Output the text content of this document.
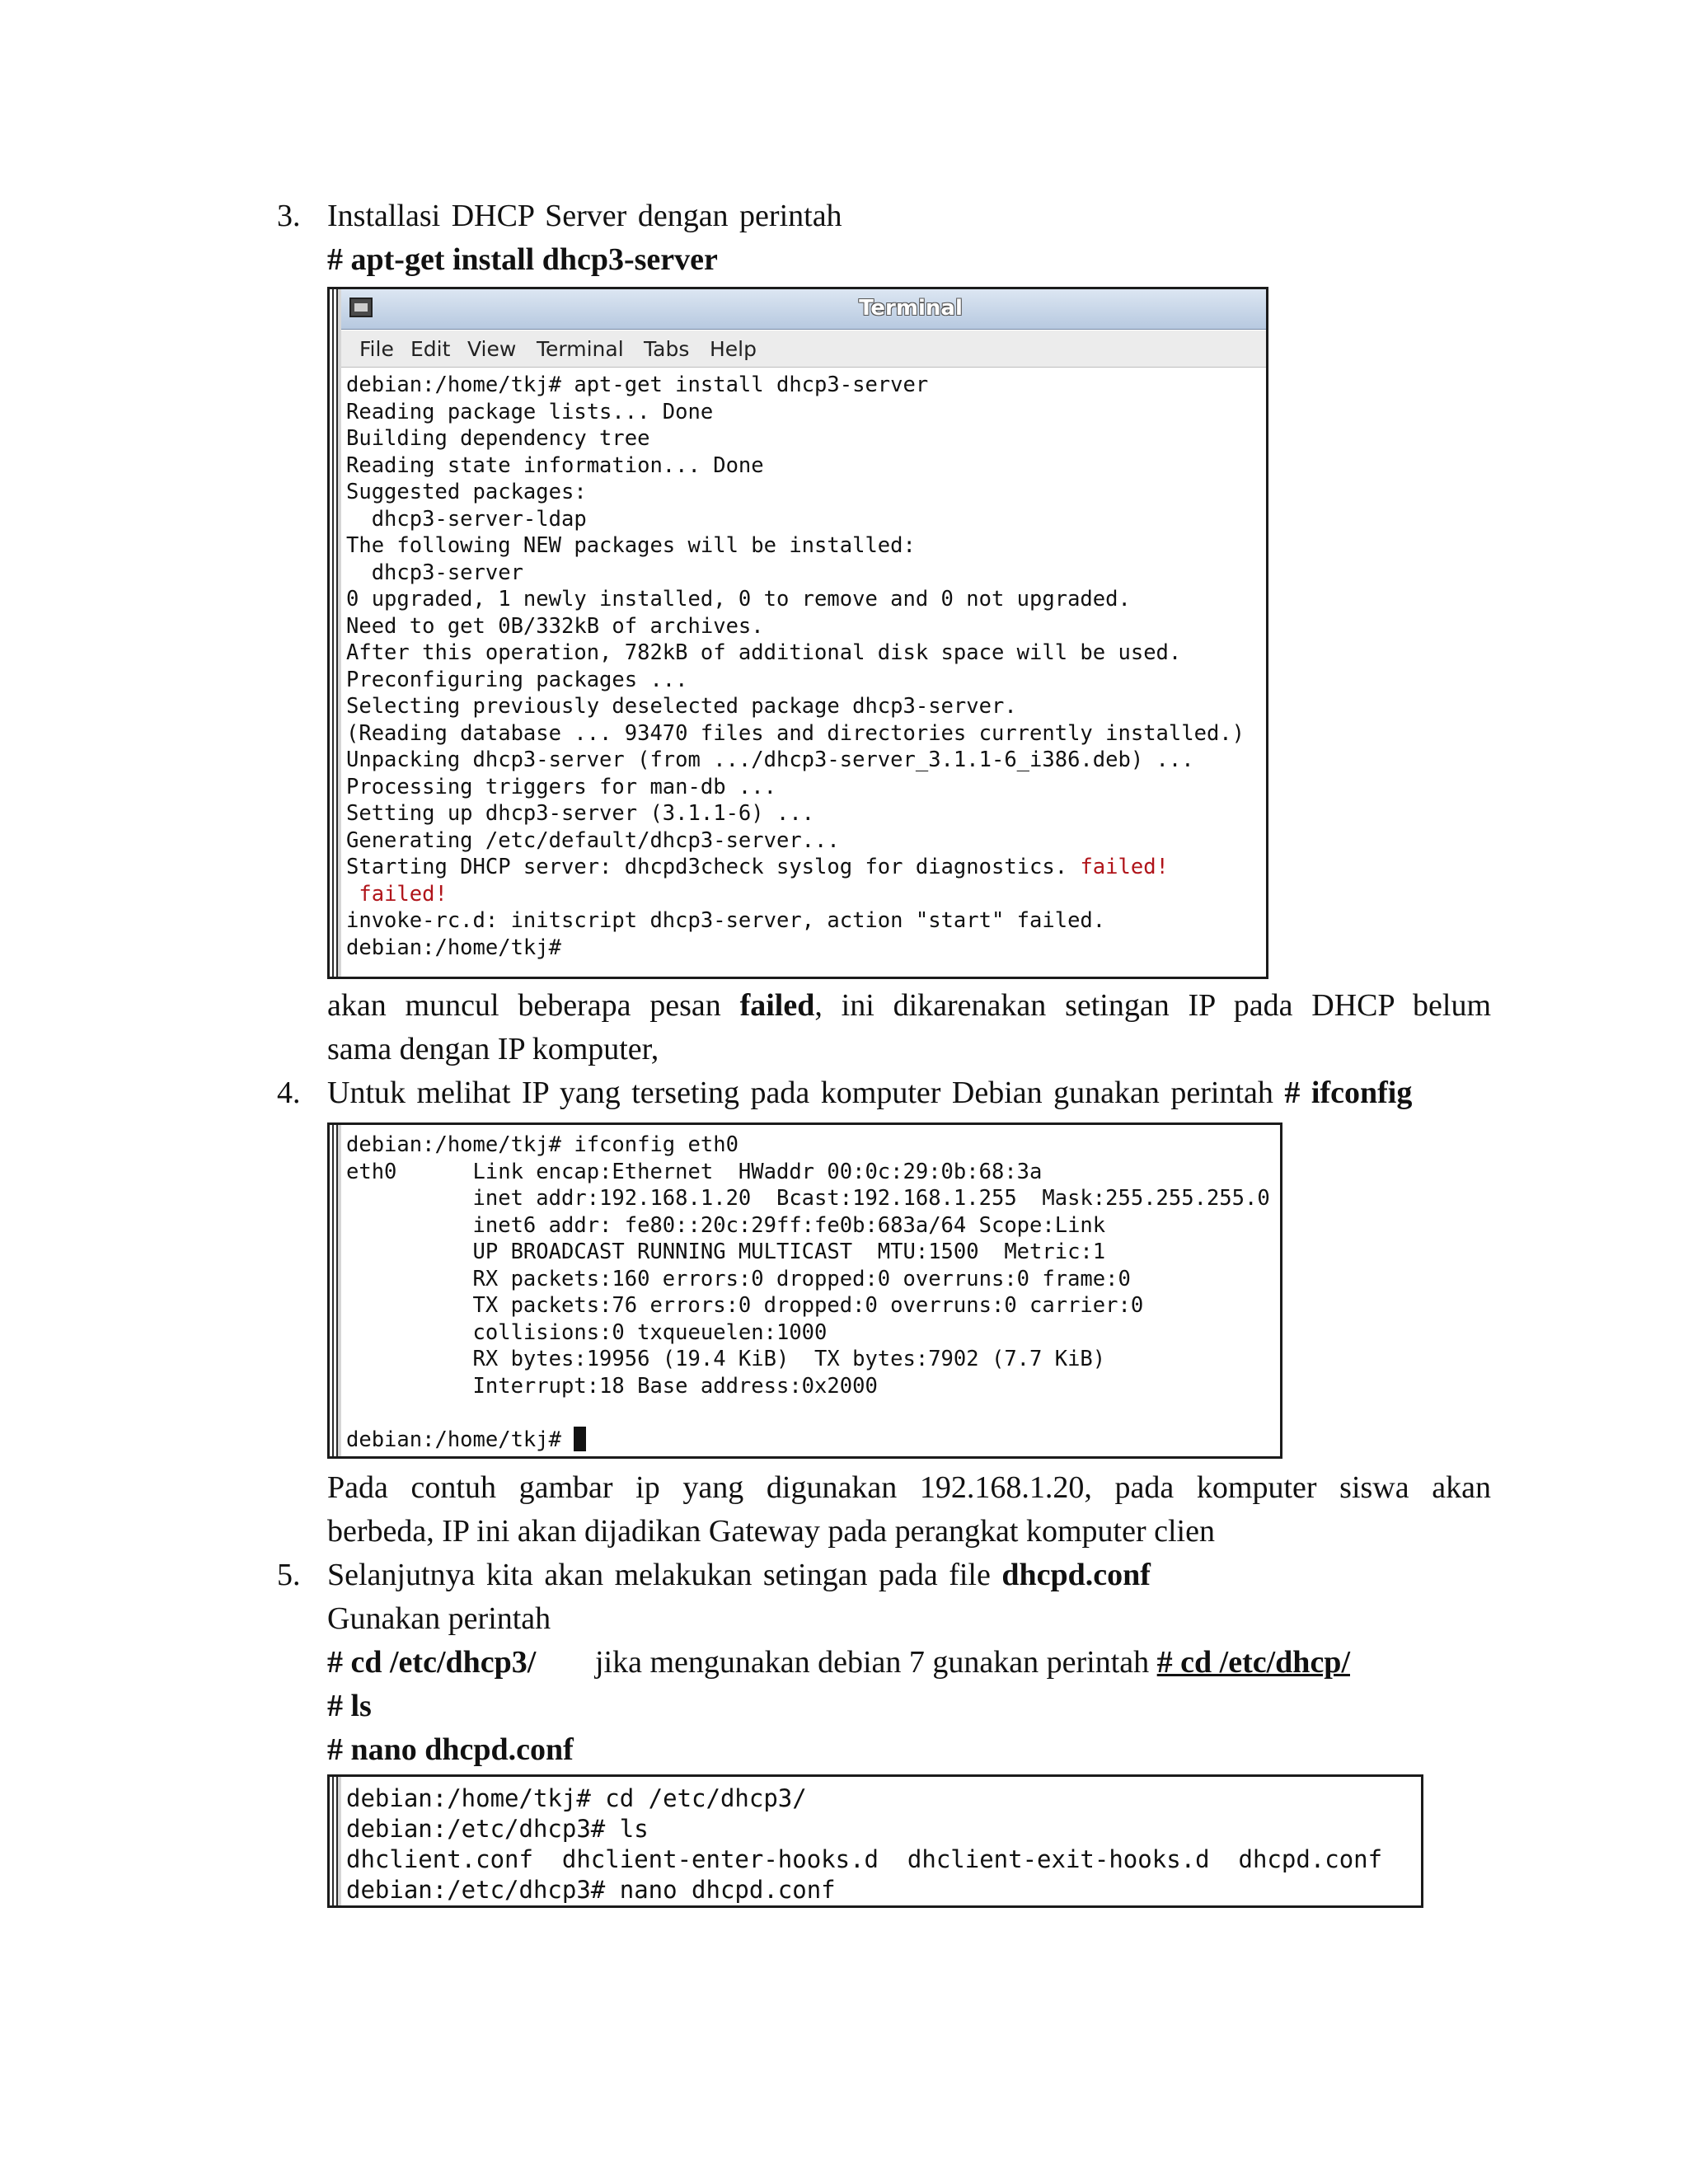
3. Installasi DHCP Server dengan perintah
# apt-get install dhcp3-server
Terminal
File Edit View Terminal Tabs Help
debian:/home/tkj# apt-get install dhcp3-server
Reading package lists... Done
Building dependency tree
Reading state information... Done
Suggested packages:
dhcp3-server-ldap
The following NEW packages will be installed:
dhcp3-server
0 upgraded, 1 newly installed, 0 to remove and 0 not upgraded.
Need to get 0B/332kB of archives.
After this operation, 782kB of additional disk space will be used.
Preconfiguring packages ...
Selecting previously deselected package dhcp3-server.
(Reading database ... 93470 files and directories currently installed.)
Unpacking dhcp3-server (from .../dhcp3-server_3.1.1-6_i386.deb) ...
Processing triggers for man-db ...
Setting up dhcp3-server (3.1.1-6) ...
Generating /etc/default/dhcp3-server...
Starting DHCP server: dhcpd3check syslog for diagnostics. failed!
failed!
invoke-rc.d: initscript dhcp3-server, action "start" failed.
debian:/home/tkj#
akan muncul beberapa pesan failed, ini dikarenakan setingan IP pada DHCP belum
sama dengan IP komputer,
4. Untuk melihat IP yang terseting pada komputer Debian gunakan perintah # ifconfig
debian:/home/tkj# ifconfig eth0
eth0      Link encap:Ethernet  HWaddr 00:0c:29:0b:68:3a
inet addr:192.168.1.20  Bcast:192.168.1.255  Mask:255.255.255.0
inet6 addr: fe80::20c:29ff:fe0b:683a/64 Scope:Link
UP BROADCAST RUNNING MULTICAST  MTU:1500  Metric:1
RX packets:160 errors:0 dropped:0 overruns:0 frame:0
TX packets:76 errors:0 dropped:0 overruns:0 carrier:0
collisions:0 txqueuelen:1000
RX bytes:19956 (19.4 KiB)  TX bytes:7902 (7.7 KiB)
Interrupt:18 Base address:0x2000

debian:/home/tkj#
Pada contuh gambar ip yang digunakan 192.168.1.20, pada komputer siswa akan
berbeda, IP ini akan dijadikan Gateway pada perangkat komputer clien
5. Selanjutnya kita akan melakukan setingan pada file dhcpd.conf
Gunakan perintah
# cd /etc/dhcp3/ jika mengunakan debian 7 gunakan perintah # cd /etc/dhcp/
# ls
# nano dhcpd.conf
debian:/home/tkj# cd /etc/dhcp3/
debian:/etc/dhcp3# ls
dhclient.conf  dhclient-enter-hooks.d  dhclient-exit-hooks.d  dhcpd.conf
debian:/etc/dhcp3# nano dhcpd.conf
